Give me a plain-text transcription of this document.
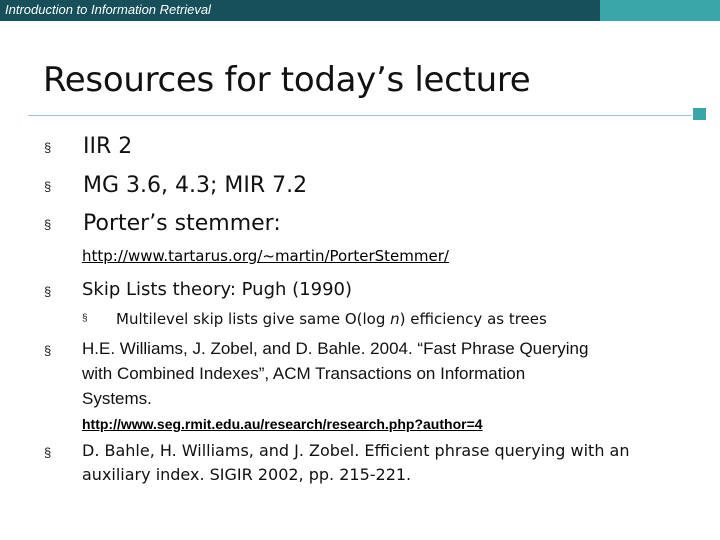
Introduction to Information Retrieval
Resources for today’s lecture
§ IIR 2
§ MG 3.6, 4.3; MIR 7.2
§ Porter’s stemmer:
http://www.tartarus.org/~martin/PorterStemmer/
§ Skip Lists theory: Pugh (1990)
§ Multilevel skip lists give same O(log n) efficiency as trees
§ H.E. Williams, J. Zobel, and D. Bahle. 2004. “Fast Phrase Querying
with Combined Indexes”, ACM Transactions on Information
Systems.
http://www.seg.rmit.edu.au/research/research.php?author=4
§ D. Bahle, H. Williams, and J. Zobel. Efficient phrase querying with an
auxiliary index. SIGIR 2002, pp. 215-221.
